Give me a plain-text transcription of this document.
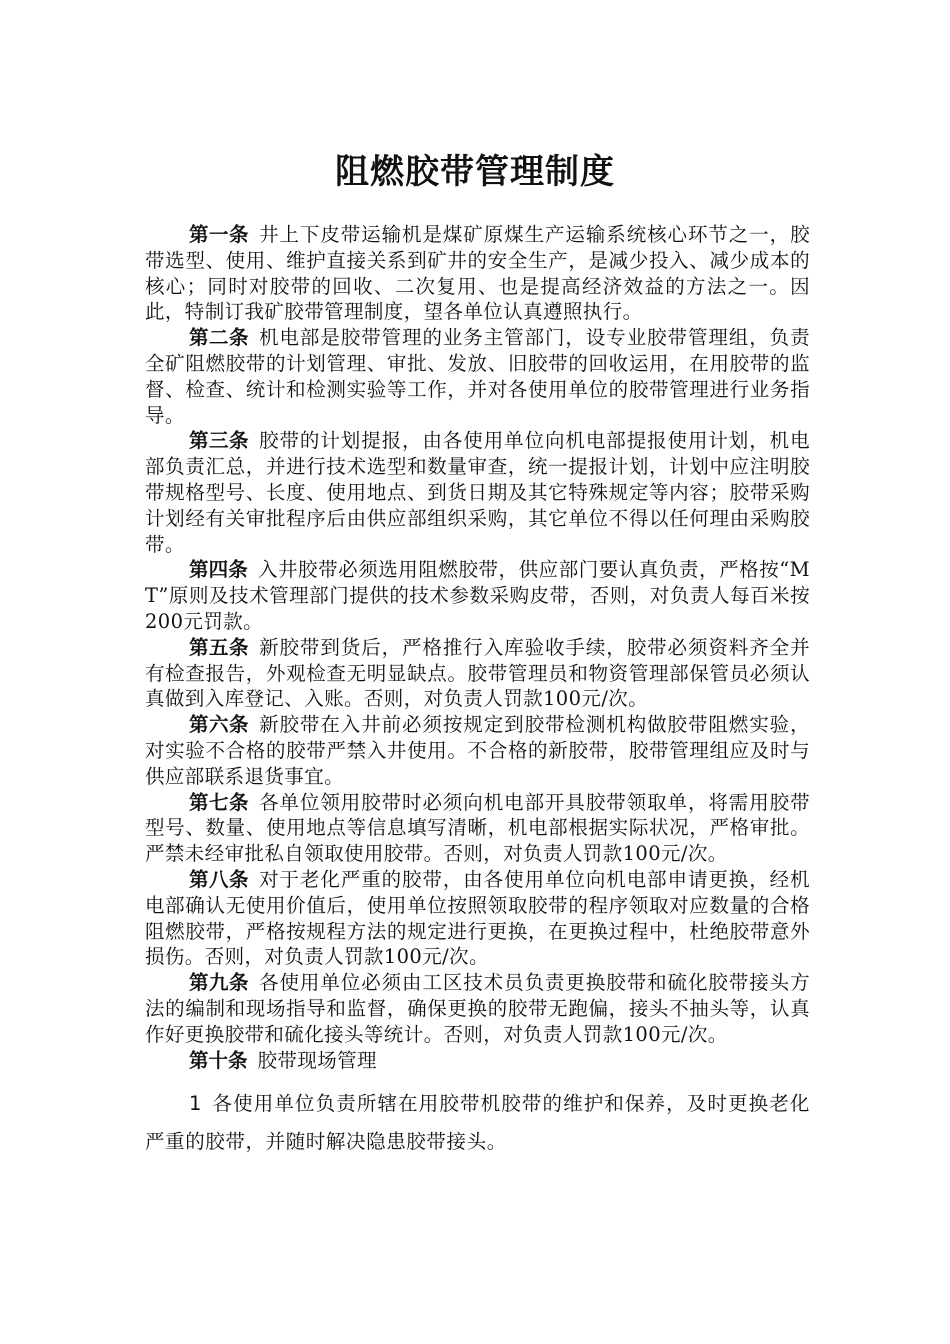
阻燃胶带管理制度

第一条 井上下皮带运输机是煤矿原煤生产运输系统核心环节之一，胶带选型、使用、维护直接关系到矿井的安全生产，是减少投入、减少成本的核心；同时对胶带的回收、二次复用、也是提高经济效益的方法之一。因此，特制订我矿胶带管理制度，望各单位认真遵照执行。

第二条 机电部是胶带管理的业务主管部门，设专业胶带管理组，负责全矿阻燃胶带的计划管理、审批、发放、旧胶带的回收运用，在用胶带的监督、检查、统计和检测实验等工作，并对各使用单位的胶带管理进行业务指导。

第三条 胶带的计划提报，由各使用单位向机电部提报使用计划，机电部负责汇总，并进行技术选型和数量审查，统一提报计划，计划中应注明胶带规格型号、长度、使用地点、到货日期及其它特殊规定等内容；胶带采购计划经有关审批程序后由供应部组织采购，其它单位不得以任何理由采购胶带。

第四条 入井胶带必须选用阻燃胶带，供应部门要认真负责，严格按“MT”原则及技术管理部门提供的技术参数采购皮带，否则，对负责人每百米按200元罚款。

第五条 新胶带到货后，严格推行入库验收手续，胶带必须资料齐全并有检查报告，外观检查无明显缺点。胶带管理员和物资管理部保管员必须认真做到入库登记、入账。否则，对负责人罚款100元/次。

第六条 新胶带在入井前必须按规定到胶带检测机构做胶带阻燃实验，对实验不合格的胶带严禁入井使用。不合格的新胶带，胶带管理组应及时与供应部联系退货事宜。

第七条 各单位领用胶带时必须向机电部开具胶带领取单，将需用胶带型号、数量、使用地点等信息填写清晰，机电部根据实际状况，严格审批。严禁未经审批私自领取使用胶带。否则，对负责人罚款100元/次。

第八条 对于老化严重的胶带，由各使用单位向机电部申请更换，经机电部确认无使用价值后，使用单位按照领取胶带的程序领取对应数量的合格阻燃胶带，严格按规程方法的规定进行更换，在更换过程中，杜绝胶带意外损伤。否则，对负责人罚款100元/次。

第九条 各使用单位必须由工区技术员负责更换胶带和硫化胶带接头方法的编制和现场指导和监督，确保更换的胶带无跑偏，接头不抽头等，认真作好更换胶带和硫化接头等统计。否则，对负责人罚款100元/次。

第十条 胶带现场管理

1 各使用单位负责所辖在用胶带机胶带的维护和保养，及时更换老化严重的胶带，并随时解决隐患胶带接头。
